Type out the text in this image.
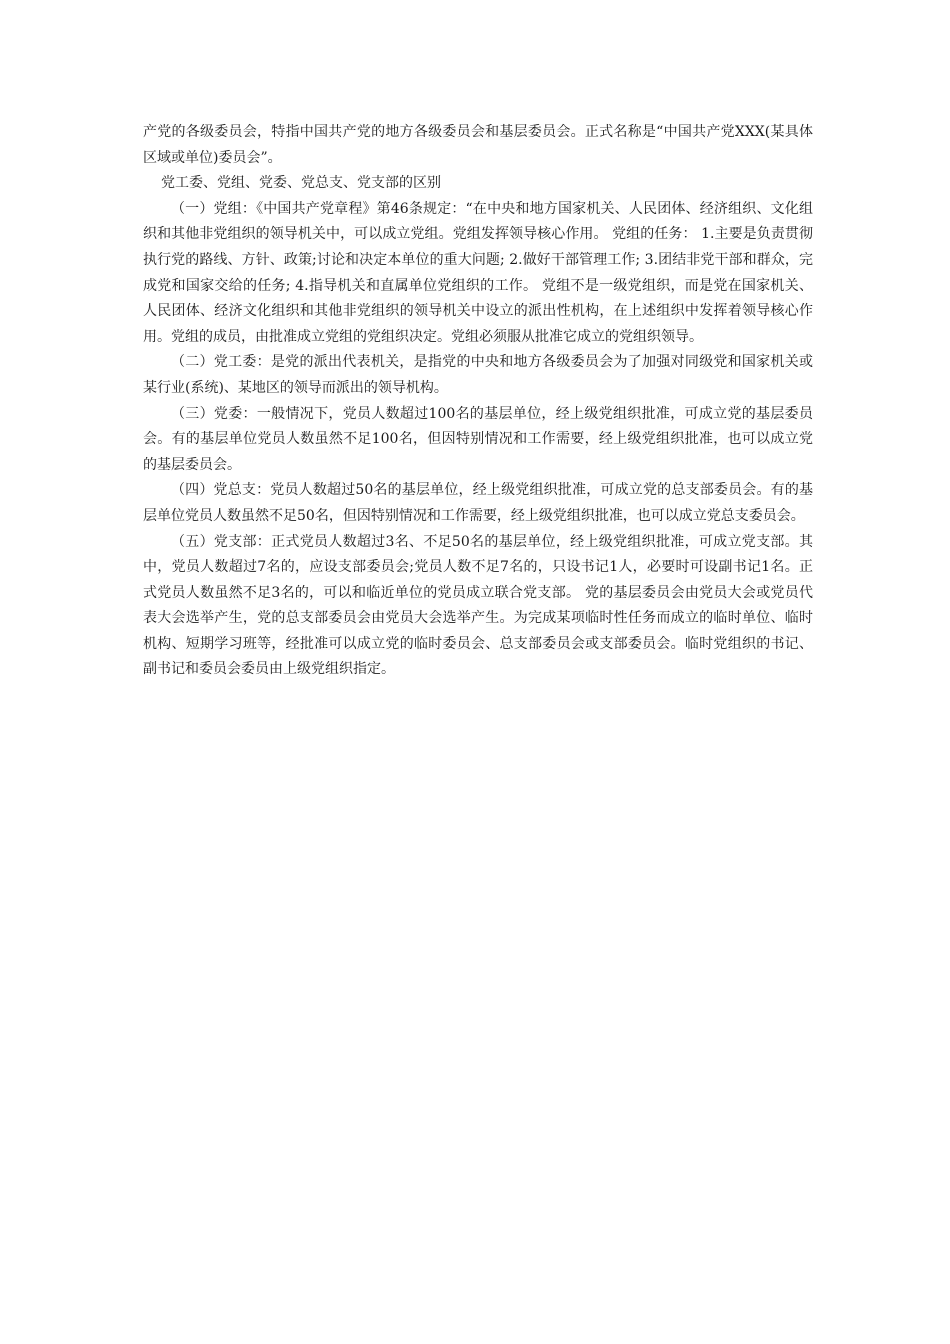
产党的各级委员会，特指中国共产党的地方各级委员会和基层委员会。正式名称是“中国共产党XXX(某具体区域或单位)委员会”。

党工委、党组、党委、党总支、党支部的区别

（一）党组：《中国共产党章程》第46条规定：“在中央和地方国家机关、人民团体、经济组织、文化组织和其他非党组织的领导机关中，可以成立党组。党组发挥领导核心作用。 党组的任务： 1.主要是负责贯彻执行党的路线、方针、政策;讨论和决定本单位的重大问题; 2.做好干部管理工作; 3.团结非党干部和群众，完成党和国家交给的任务; 4.指导机关和直属单位党组织的工作。 党组不是一级党组织，而是党在国家机关、人民团体、经济文化组织和其他非党组织的领导机关中设立的派出性机构，在上述组织中发挥着领导核心作用。党组的成员，由批准成立党组的党组织决定。党组必须服从批准它成立的党组织领导。

（二）党工委：是党的派出代表机关，是指党的中央和地方各级委员会为了加强对同级党和国家机关或某行业(系统)、某地区的领导而派出的领导机构。

（三）党委：一般情况下，党员人数超过100名的基层单位，经上级党组织批准，可成立党的基层委员会。有的基层单位党员人数虽然不足100名，但因特别情况和工作需要，经上级党组织批准，也可以成立党的基层委员会。

（四）党总支：党员人数超过50名的基层单位，经上级党组织批准，可成立党的总支部委员会。有的基层单位党员人数虽然不足50名，但因特别情况和工作需要，经上级党组织批准，也可以成立党总支委员会。

（五）党支部：正式党员人数超过3名、不足50名的基层单位，经上级党组织批准，可成立党支部。其中，党员人数超过7名的，应设支部委员会;党员人数不足7名的，只设书记1人，必要时可设副书记1名。正式党员人数虽然不足3名的，可以和临近单位的党员成立联合党支部。 党的基层委员会由党员大会或党员代表大会选举产生，党的总支部委员会由党员大会选举产生。为完成某项临时性任务而成立的临时单位、临时机构、短期学习班等，经批准可以成立党的临时委员会、总支部委员会或支部委员会。临时党组织的书记、副书记和委员会委员由上级党组织指定。
